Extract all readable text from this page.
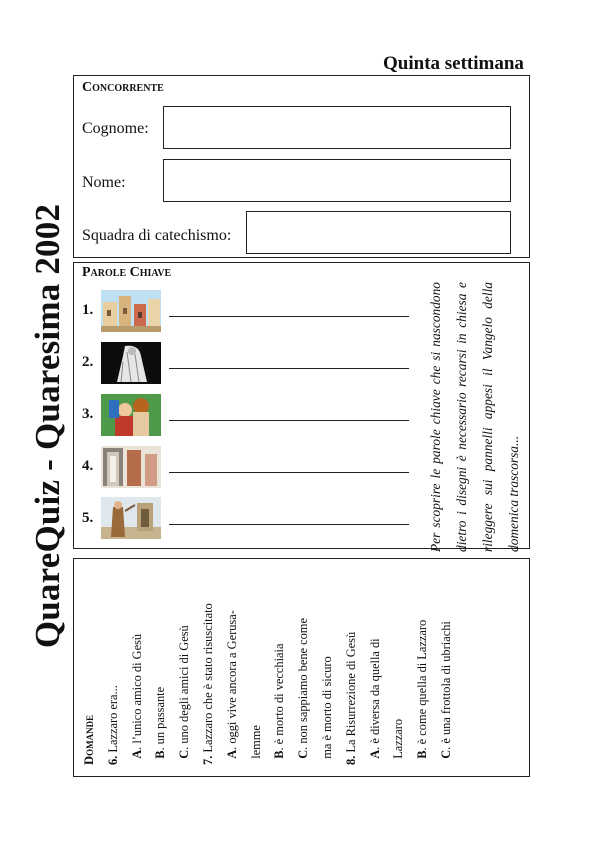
QuareQuiz - Quaresima 2002
Quinta settimana
Concorrente
Cognome:
Nome:
Squadra di catechismo:
Parole Chiave
1.
2.
3.
4.
5.	Per scoprire le parole chiave che si nascondono dietro i disegni è necessario recarsi in chiesa e rileggere sui pannelli appesi il Vangelo della domenica trascorsa...
Domande 6. Lazzaro era...
A. l’unico amico di Gesù
B. un passante
C. uno degli amici di Gesù
7. Lazzaro che è stato risuscitato
A. oggi vive ancora a Gerusa- lemme B. è morto di vecchiaia
C. non sappiamo bene come ma è morto di sicuro
8. La Risurrezione di Gesù
A. è diversa da quella di Lazzaro B. è come quella di Lazzaro
C. è una frottola di ubriachi
